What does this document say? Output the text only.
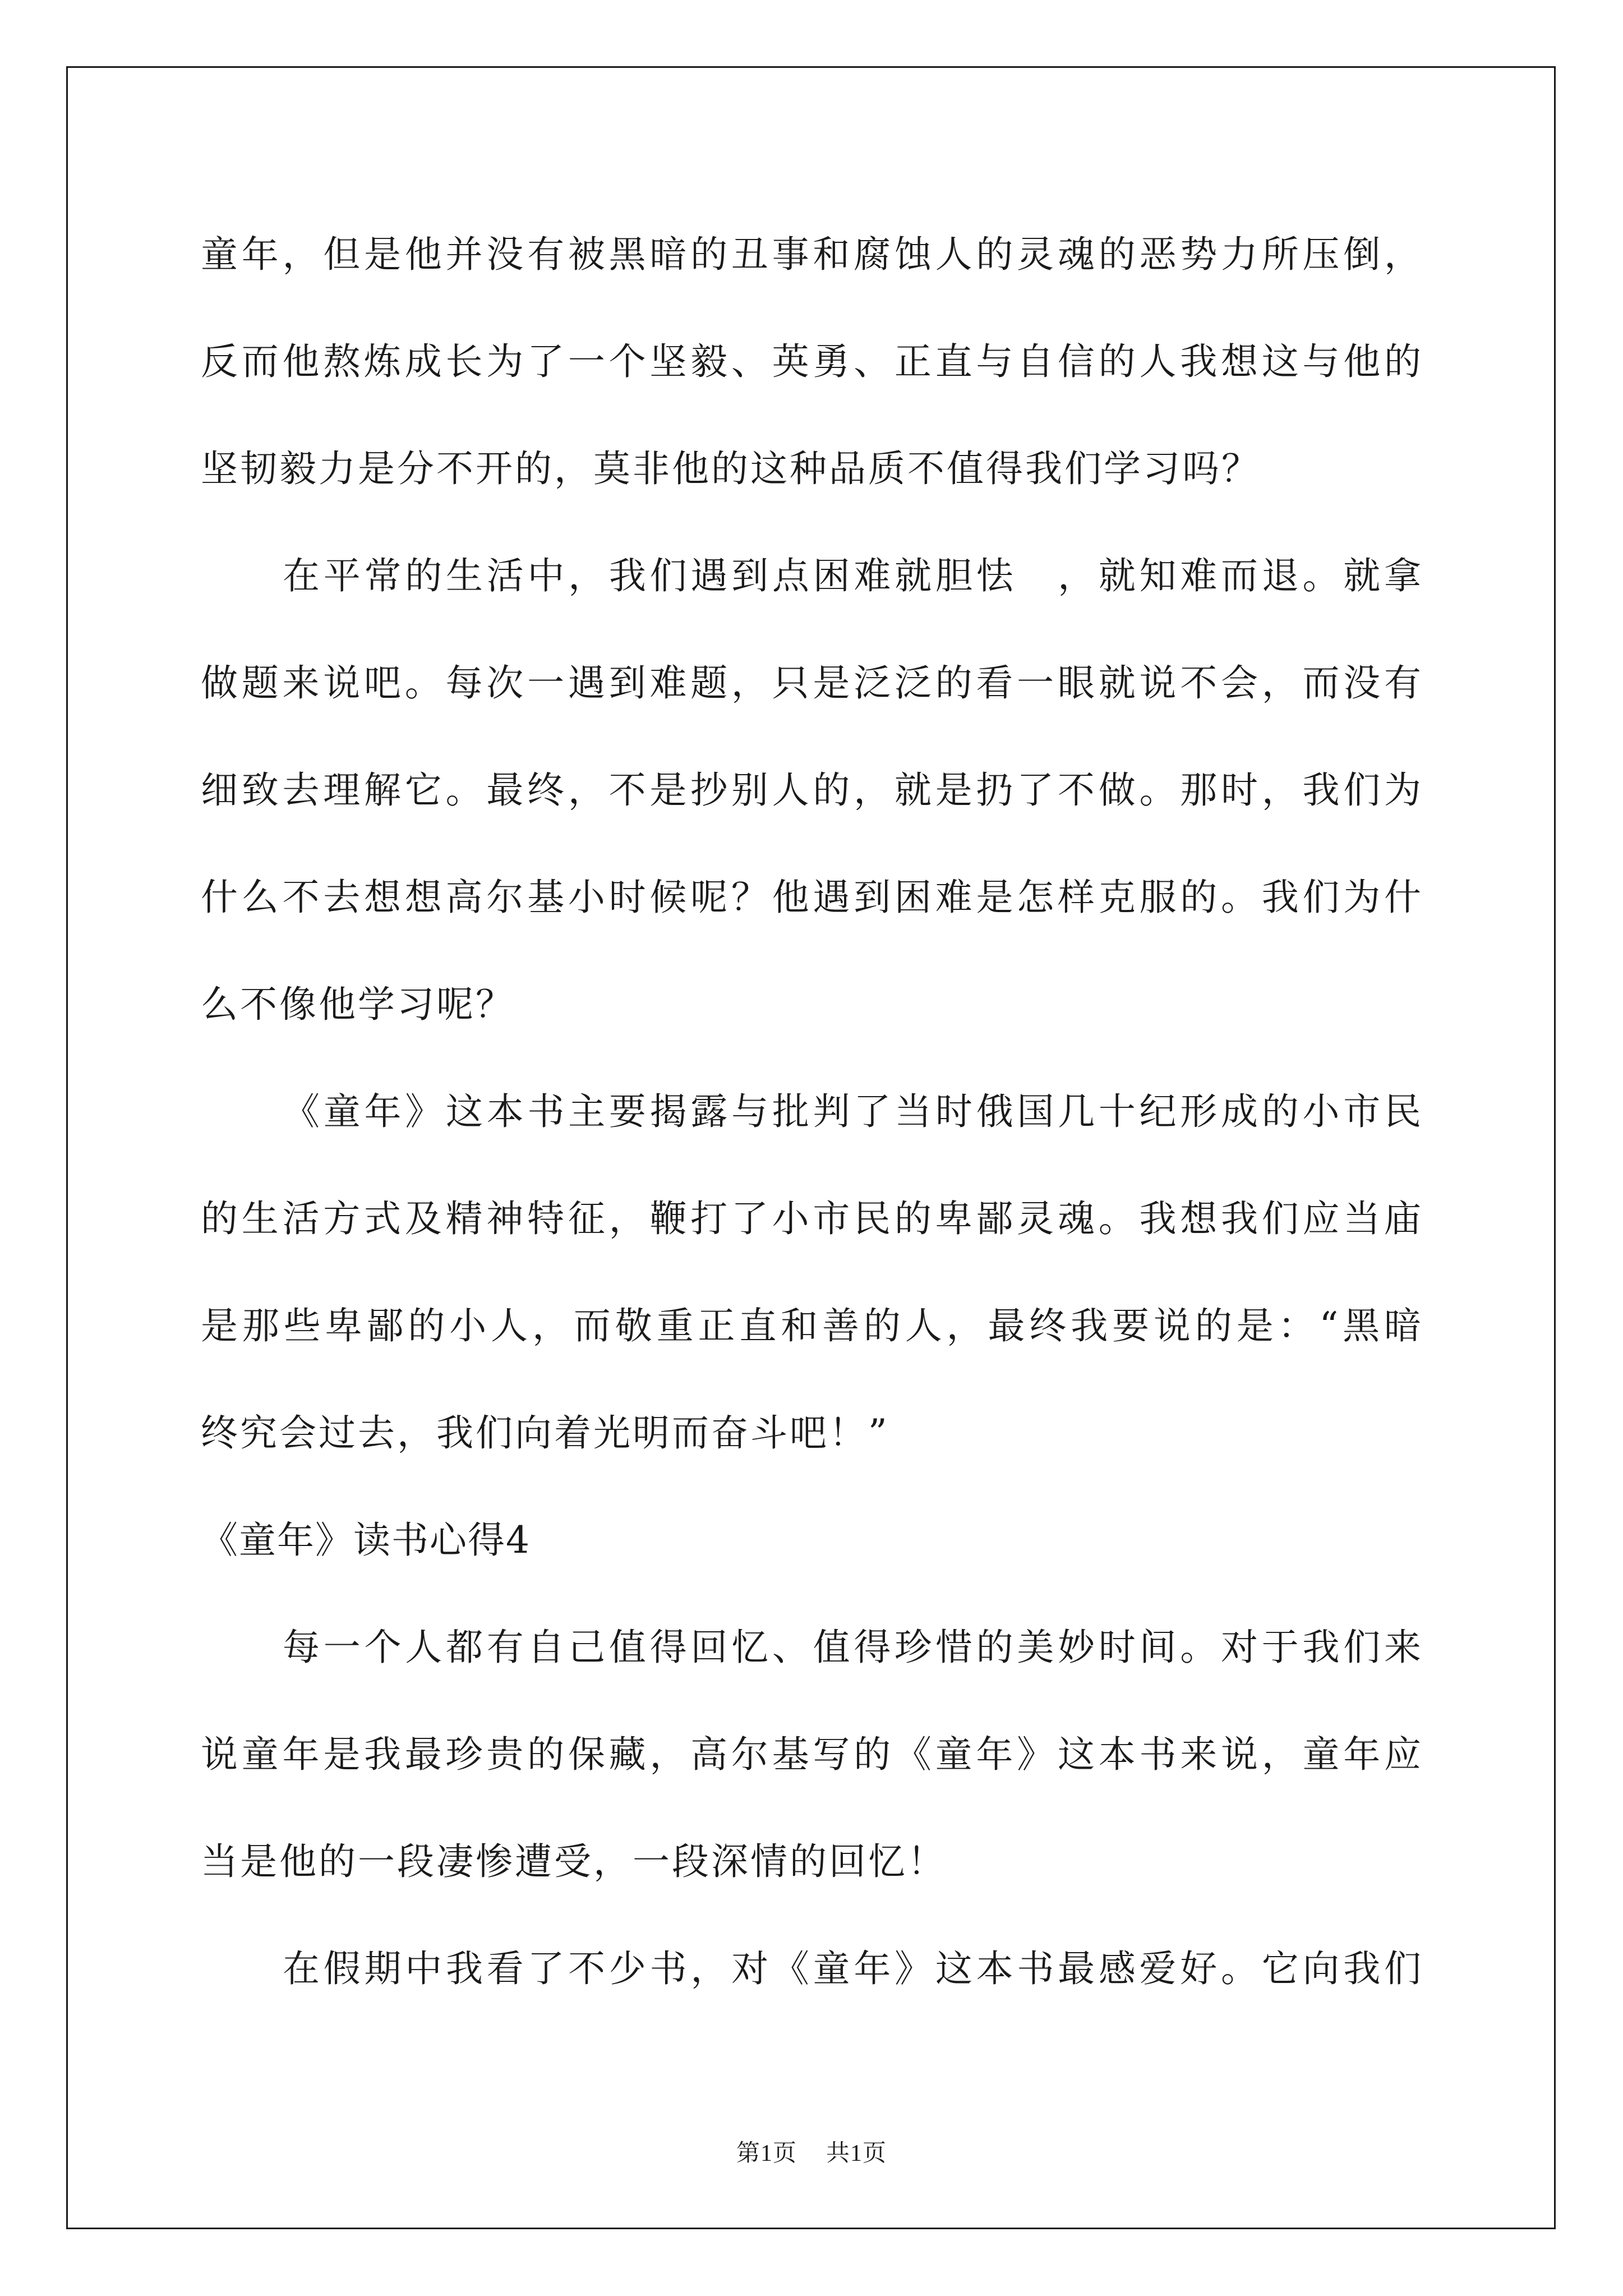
童年，但是他并没有被黑暗的丑事和腐蚀人的灵魂的恶势力所压倒，
反而他熬炼成长为了一个坚毅、英勇、正直与自信的人我想这与他的
坚韧毅力是分不开的，莫非他的这种品质不值得我们学习吗？
在平常的生活中，我们遇到点困难就胆怯　，就知难而退。就拿
做题来说吧。每次一遇到难题，只是泛泛的看一眼就说不会，而没有
细致去理解它。最终，不是抄别人的，就是扔了不做。那时，我们为
什么不去想想高尔基小时候呢？他遇到困难是怎样克服的。我们为什
么不像他学习呢？
《童年》这本书主要揭露与批判了当时俄国几十纪形成的小市民
的生活方式及精神特征，鞭打了小市民的卑鄙灵魂。我想我们应当庙
是那些卑鄙的小人，而敬重正直和善的人，最终我要说的是：“黑暗
终究会过去，我们向着光明而奋斗吧！”
《童年》读书心得4
每一个人都有自己值得回忆、值得珍惜的美妙时间。对于我们来
说童年是我最珍贵的保藏，高尔基写的《童年》这本书来说，童年应
当是他的一段凄惨遭受，一段深情的回忆！
在假期中我看了不少书，对《童年》这本书最感爱好。它向我们
第1页 共1页
